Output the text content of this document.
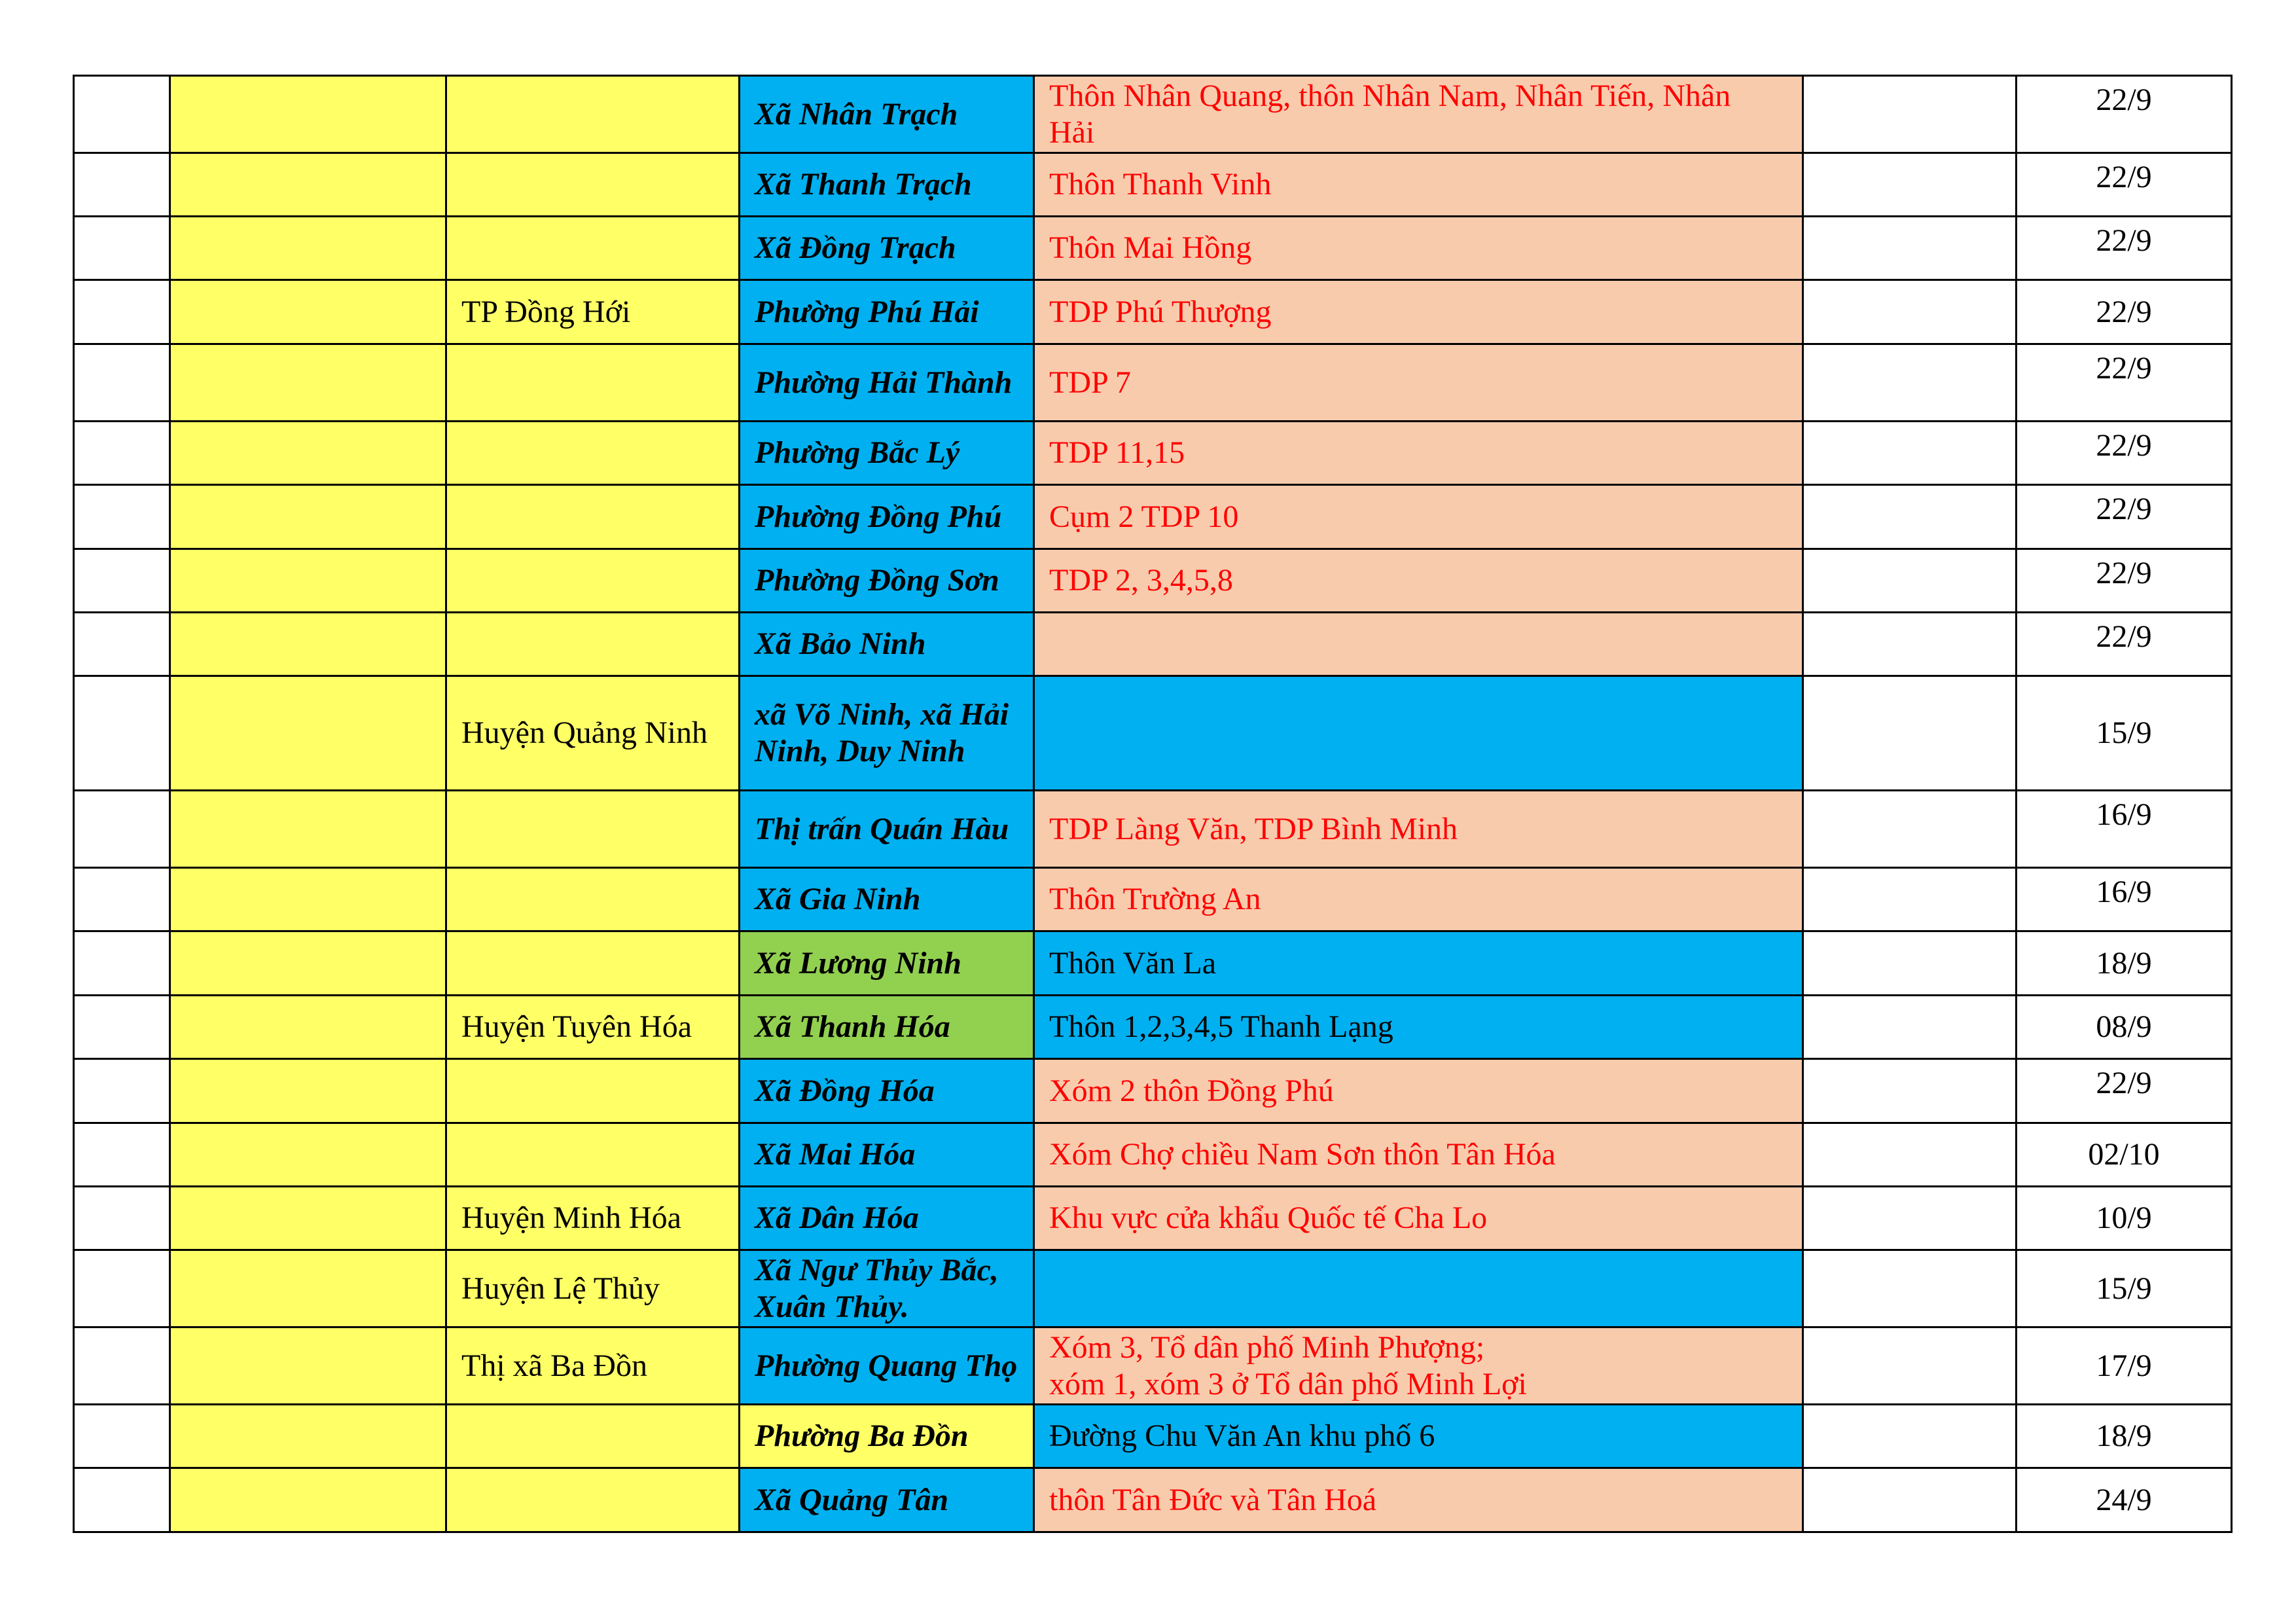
			Xã Nhân Trạch	Thôn Nhân Quang, thôn Nhân Nam, Nhân Tiến, Nhân Hải		22/9
			Xã Thanh Trạch	Thôn Thanh Vinh		22/9
			Xã Đồng Trạch	Thôn Mai Hồng		22/9
		TP Đồng Hới	Phường Phú Hải	TDP Phú Thượng		22/9
			Phường Hải Thành	TDP 7		22/9
			Phường Bắc Lý	TDP 11,15		22/9
			Phường Đồng Phú	Cụm 2 TDP 10		22/9
			Phường Đồng Sơn	TDP 2, 3,4,5,8		22/9
			Xã Bảo Ninh			22/9
		Huyện Quảng Ninh	xã Võ Ninh, xã Hải Ninh, Duy Ninh			15/9
			Thị trấn Quán Hàu	TDP Làng Văn, TDP Bình Minh		16/9
			Xã Gia Ninh	Thôn Trường An		16/9
			Xã Lương Ninh	Thôn Văn La		18/9
		Huyện Tuyên Hóa	Xã Thanh Hóa	Thôn 1,2,3,4,5 Thanh Lạng		08/9
			Xã Đồng Hóa	Xóm 2 thôn Đồng Phú		22/9
			Xã Mai Hóa	Xóm Chợ chiều Nam Sơn thôn Tân Hóa		02/10
		Huyện Minh Hóa	Xã Dân Hóa	Khu vực cửa khẩu Quốc tế Cha Lo		10/9
		Huyện Lệ Thủy	Xã Ngư Thủy Bắc, Xuân Thủy.			15/9
		Thị xã Ba Đồn	Phường Quang Thọ	Xóm 3, Tổ dân phố Minh Phượng;
xóm 1, xóm 3 ở Tổ dân phố Minh Lợi		17/9
			Phường Ba Đồn	Đường Chu Văn An khu phố 6		18/9
			Xã Quảng Tân	thôn Tân Đức và Tân Hoá		24/9
